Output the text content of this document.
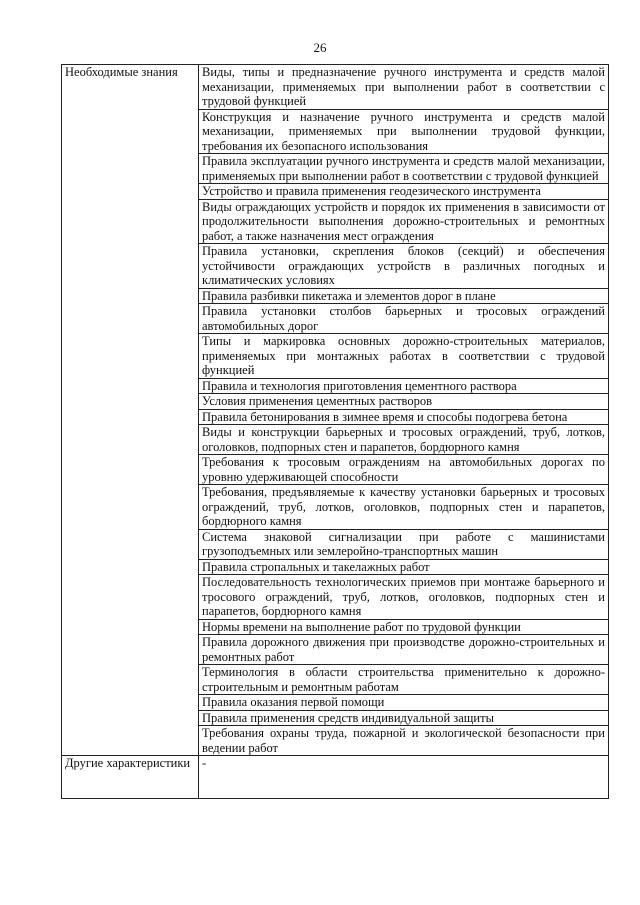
26
Необходимые знания	Виды, типы и предназначение ручного инструмента и средств малой механизации, применяемых при выполнении работ в соответствии с трудовой функцией
	Конструкция и назначение ручного инструмента и средств малой механизации, применяемых при выполнении трудовой функции, требования их безопасного использования
	Правила эксплуатации ручного инструмента и средств малой механизации, применяемых при выполнении работ в соответствии с трудовой функцией
	Устройство и правила применения геодезического инструмента
	Виды ограждающих устройств и порядок их применения в зависимости от продолжительности выполнения дорожно-строительных и ремонтных работ, а также назначения мест ограждения
	Правила установки, скрепления блоков (секций) и обеспечения устойчивости ограждающих устройств в различных погодных и климатических условиях
	Правила разбивки пикетажа и элементов дорог в плане
	Правила установки столбов барьерных и тросовых ограждений автомобильных дорог
	Типы и маркировка основных дорожно-строительных материалов, применяемых при монтажных работах в соответствии с трудовой функцией
	Правила и технология приготовления цементного раствора
	Условия применения цементных растворов
	Правила бетонирования в зимнее время и способы подогрева бетона
	Виды и конструкции барьерных и тросовых ограждений, труб, лотков, оголовков, подпорных стен и парапетов, бордюрного камня
	Требования к тросовым ограждениям на автомобильных дорогах по уровню удерживающей способности
	Требования, предъявляемые к качеству установки барьерных и тросовых ограждений, труб, лотков, оголовков, подпорных стен и парапетов, бордюрного камня
	Система знаковой сигнализации при работе с машинистами грузоподъемных или землеройно-транспортных машин
	Правила стропальных и такелажных работ
	Последовательность технологических приемов при монтаже барьерного и тросового ограждений, труб, лотков, оголовков, подпорных стен и парапетов, бордюрного камня
	Нормы времени на выполнение работ по трудовой функции
	Правила дорожного движения при производстве дорожно-строительных и ремонтных работ
	Терминология в области строительства применительно к дорожно-строительным и ремонтным работам
	Правила оказания первой помощи
	Правила применения средств индивидуальной защиты
	Требования охраны труда, пожарной и экологической безопасности при ведении работ
Другие характеристики	-
